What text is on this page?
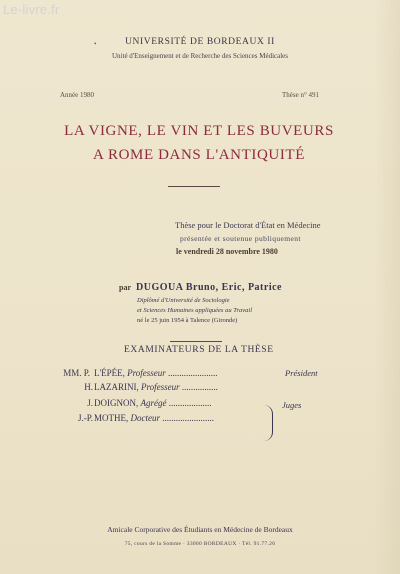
Le-livre.fr
•	UNIVERSITÉ DE BORDEAUX II
Unité d'Enseignement et de Recherche des Sciences Médicales
Année 1980	Thèse n° 491
LA VIGNE, LE VIN ET LES BUVEURS
A ROME DANS L'ANTIQUITÉ
Thèse pour le Doctorat d'État en Médecine
présentée et soutenue publiquement
le vendredi 28 novembre 1980
par DUGOUA Bruno, Eric, Patrice
Diplômé d'Université de Sociologie
et Sciences Humaines appliquées au Travail
né le 25 juin 1954 à Talence (Gironde)
EXAMINATEURS DE LA THÈSE
MM. P. L'ÉPÉE, Professeur ......................	Président
H. LAZARINI, Professeur ................
J. DOIGNON, Agrégé ...................	Juges
J.-P. MOTHE, Docteur .......................
Amicale Corporative des Étudiants en Médecine de Bordeaux
75, cours de la Somme · 33000 BORDEAUX · Tél. 91.77.26
